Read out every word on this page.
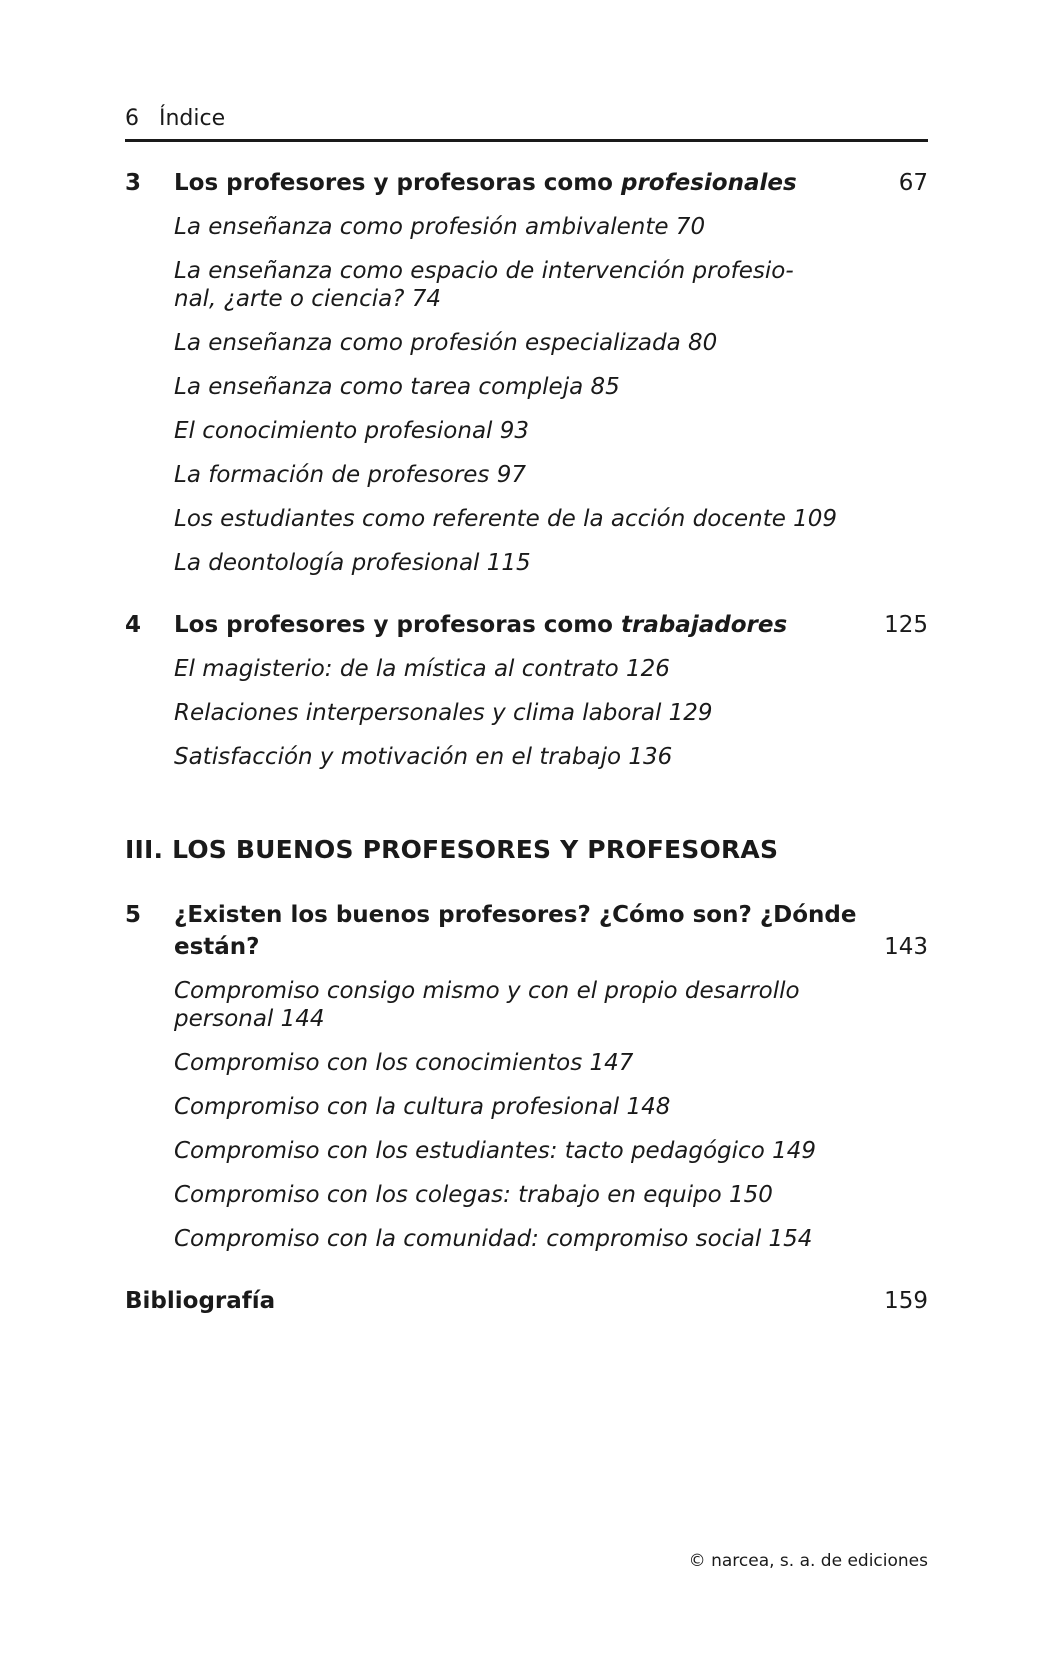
6 Índice
3 Los profesores y profesoras como profesionales	67
La enseñanza como profesión ambivalente 70
La enseñanza como espacio de intervención profesio-
nal, ¿arte o ciencia? 74
La enseñanza como profesión especializada 80
La enseñanza como tarea compleja 85
El conocimiento profesional 93
La formación de profesores 97
Los estudiantes como referente de la acción docente 109
La deontología profesional 115
4 Los profesores y profesoras como trabajadores	125
El magisterio: de la mística al contrato 126
Relaciones interpersonales y clima laboral 129
Satisfacción y motivación en el trabajo 136
III. LOS BUENOS PROFESORES Y PROFESORAS
5 ¿Existen los buenos profesores? ¿Cómo son? ¿Dónde
están?	143
Compromiso consigo mismo y con el propio desarrollo
personal 144
Compromiso con los conocimientos 147
Compromiso con la cultura profesional 148
Compromiso con los estudiantes: tacto pedagógico 149
Compromiso con los colegas: trabajo en equipo 150
Compromiso con la comunidad: compromiso social 154
Bibliografía	159
© narcea, s. a. de ediciones
